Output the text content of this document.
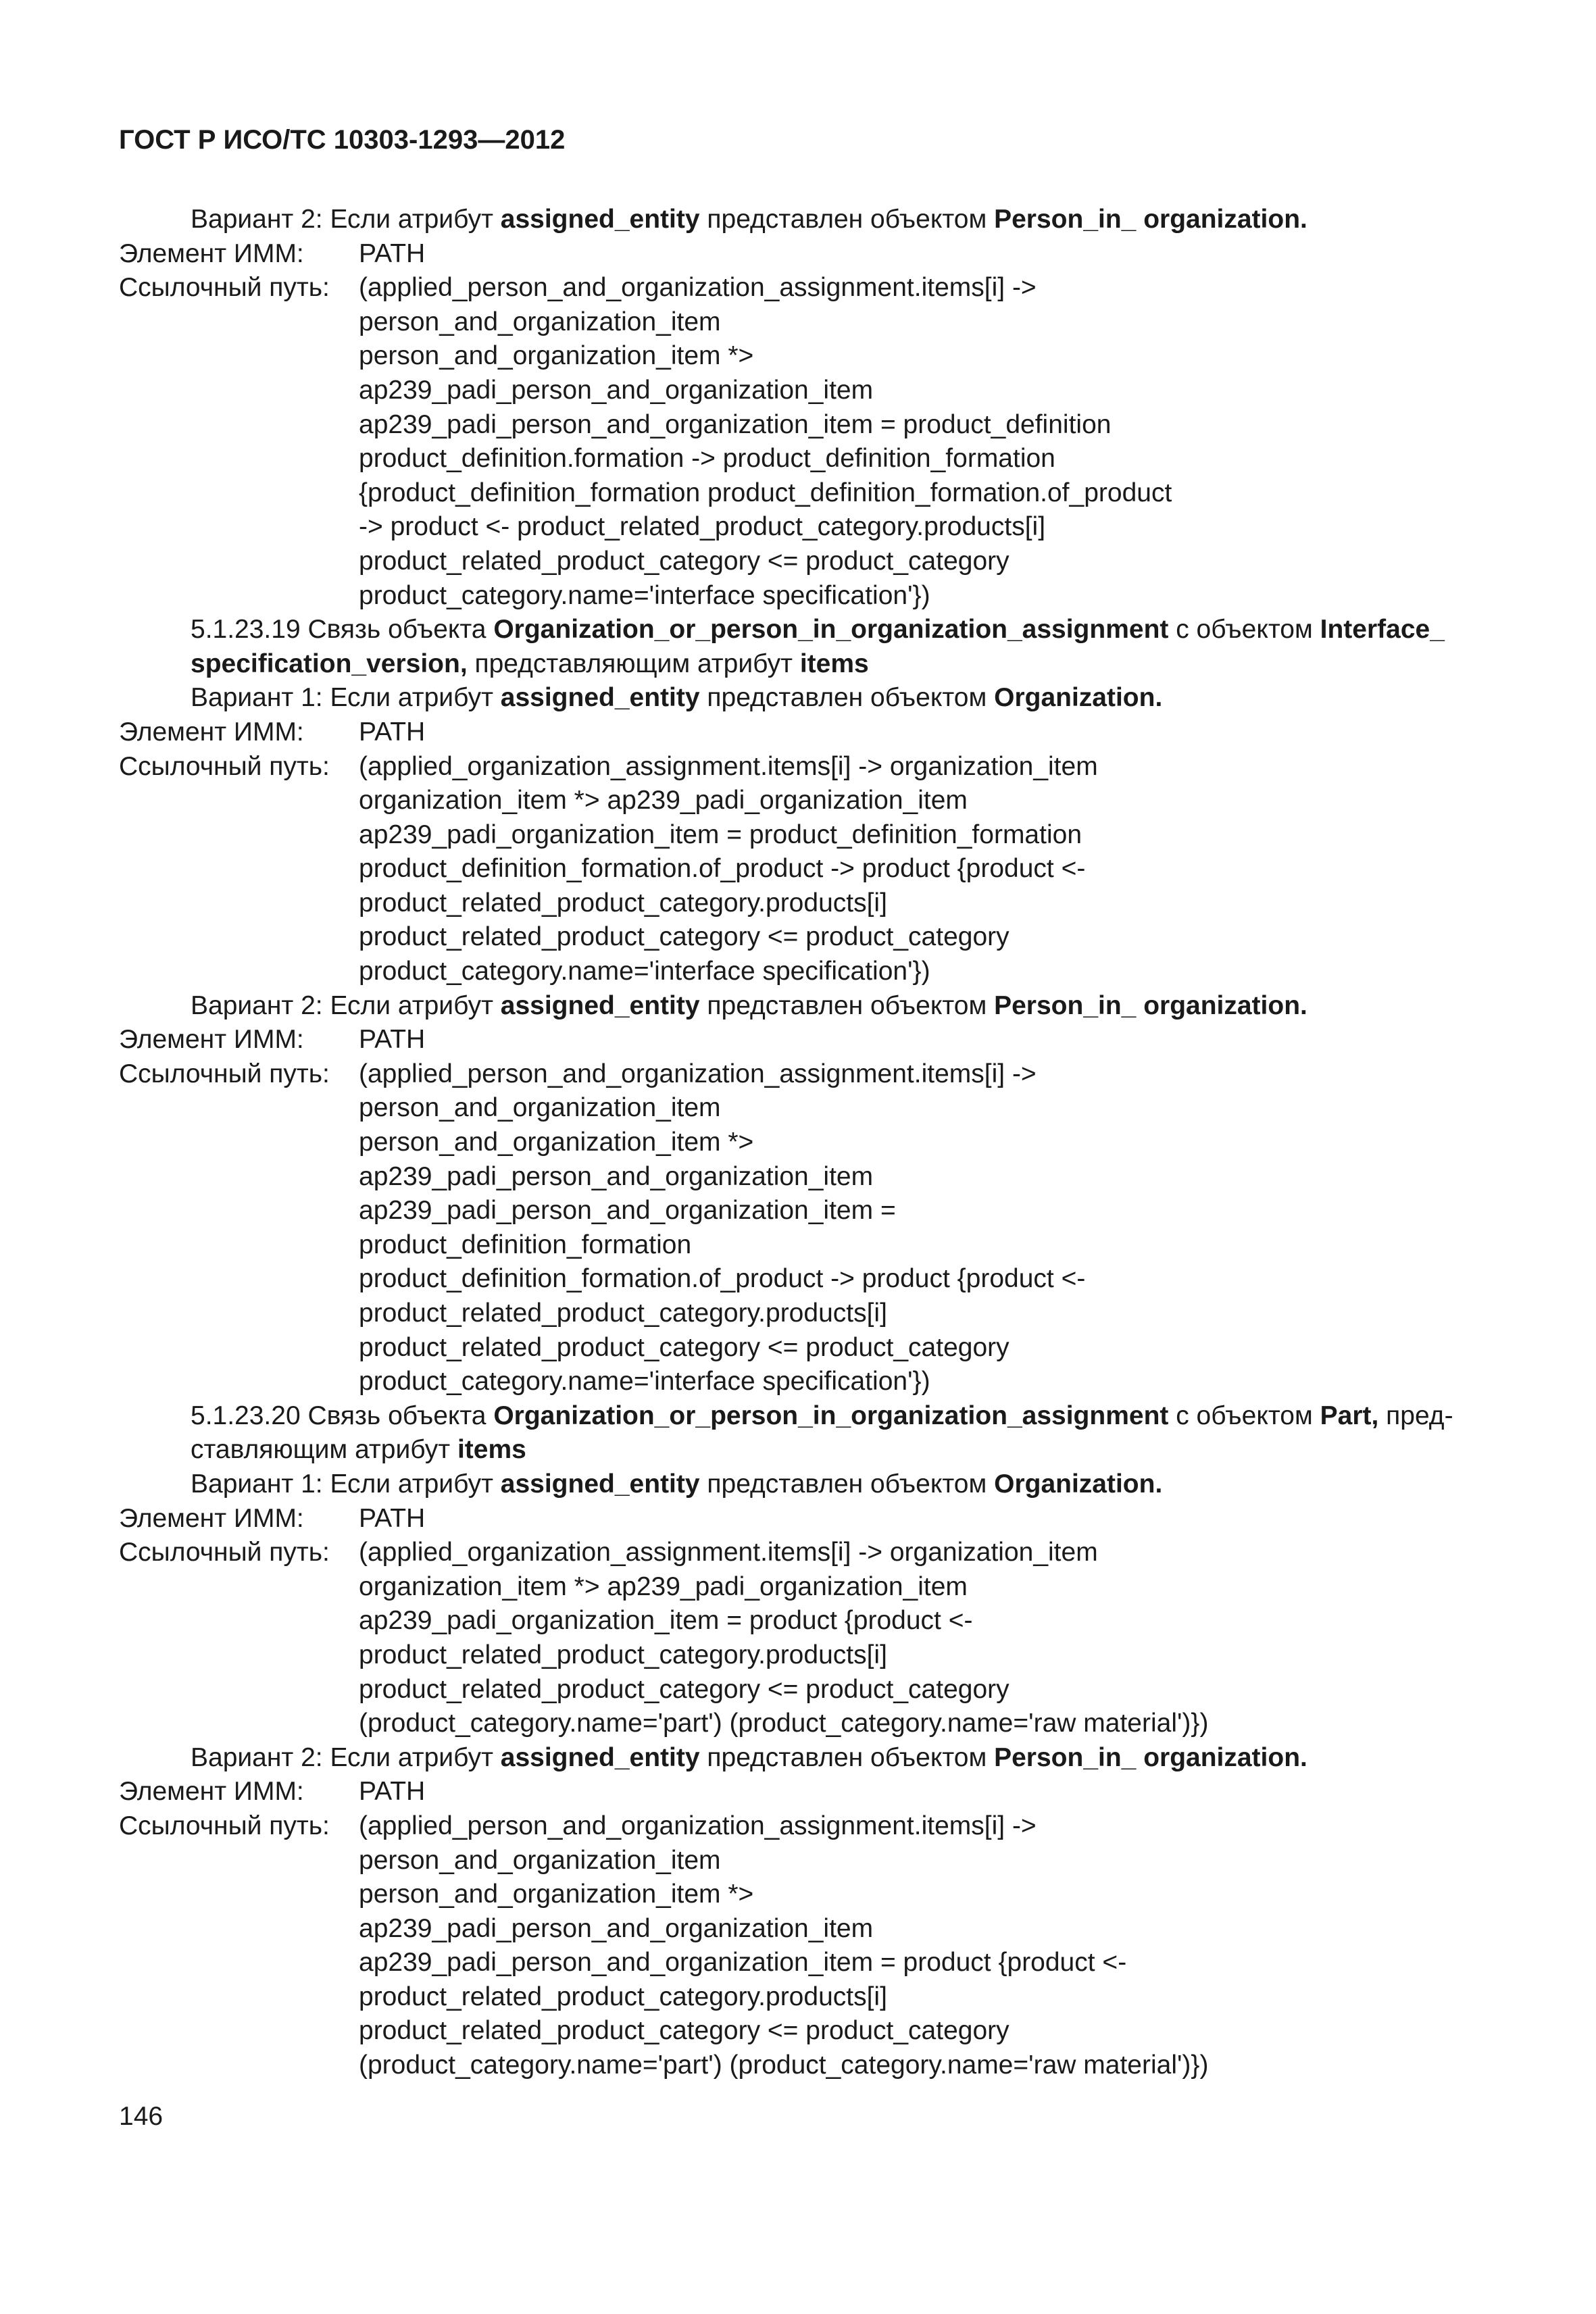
ГОСТ Р ИСО/ТС 10303-1293—2012

Вариант 2: Если атрибут assigned_entity представлен объектом Person_in_ organization.

Элемент ИММ:	PATH
Ссылочный путь:	(applied_person_and_organization_assignment.items[i] ->

person_and_organization_item

person_and_organization_item *>

ap239_padi_person_and_organization_item

ap239_padi_person_and_organization_item = product_definition

product_definition.formation -> product_definition_formation

{product_definition_formation product_definition_formation.of_product

-> product <- product_related_product_category.products[i]

product_related_product_category <= product_category

product_category.name='interface specification'})

5.1.23.19 Связь объекта Organization_or_person_in_organization_assignment с объектом Interface_ specification_version, представляющим атрибут items

Вариант 1: Если атрибут assigned_entity представлен объектом Organization.

Элемент ИММ:	PATH
Ссылочный путь:	(applied_organization_assignment.items[i] -> organization_item

organization_item *> ap239_padi_organization_item

ap239_padi_organization_item = product_definition_formation

product_definition_formation.of_product -> product {product <-

product_related_product_category.products[i]

product_related_product_category <= product_category

product_category.name='interface specification'})

Вариант 2: Если атрибут assigned_entity представлен объектом Person_in_ organization.

Элемент ИММ:	PATH
Ссылочный путь:	(applied_person_and_organization_assignment.items[i] ->

person_and_organization_item

person_and_organization_item *>

ap239_padi_person_and_organization_item

ap239_padi_person_and_organization_item =

product_definition_formation

product_definition_formation.of_product -> product {product <-

product_related_product_category.products[i]

product_related_product_category <= product_category

product_category.name='interface specification'})

5.1.23.20 Связь объекта Organization_or_person_in_organization_assignment с объектом Part, представляющим атрибут items

Вариант 1: Если атрибут assigned_entity представлен объектом Organization.

Элемент ИММ:	PATH
Ссылочный путь:	(applied_organization_assignment.items[i] -> organization_item

organization_item *> ap239_padi_organization_item

ap239_padi_organization_item = product {product <-

product_related_product_category.products[i]

product_related_product_category <= product_category

(product_category.name='part') (product_category.name='raw material')})

Вариант 2: Если атрибут assigned_entity представлен объектом Person_in_ organization.

Элемент ИММ:	PATH
Ссылочный путь:	(applied_person_and_organization_assignment.items[i] ->

person_and_organization_item

person_and_organization_item *>

ap239_padi_person_and_organization_item

ap239_padi_person_and_organization_item = product {product <-

product_related_product_category.products[i]

product_related_product_category <= product_category

(product_category.name='part') (product_category.name='raw material')})

146
